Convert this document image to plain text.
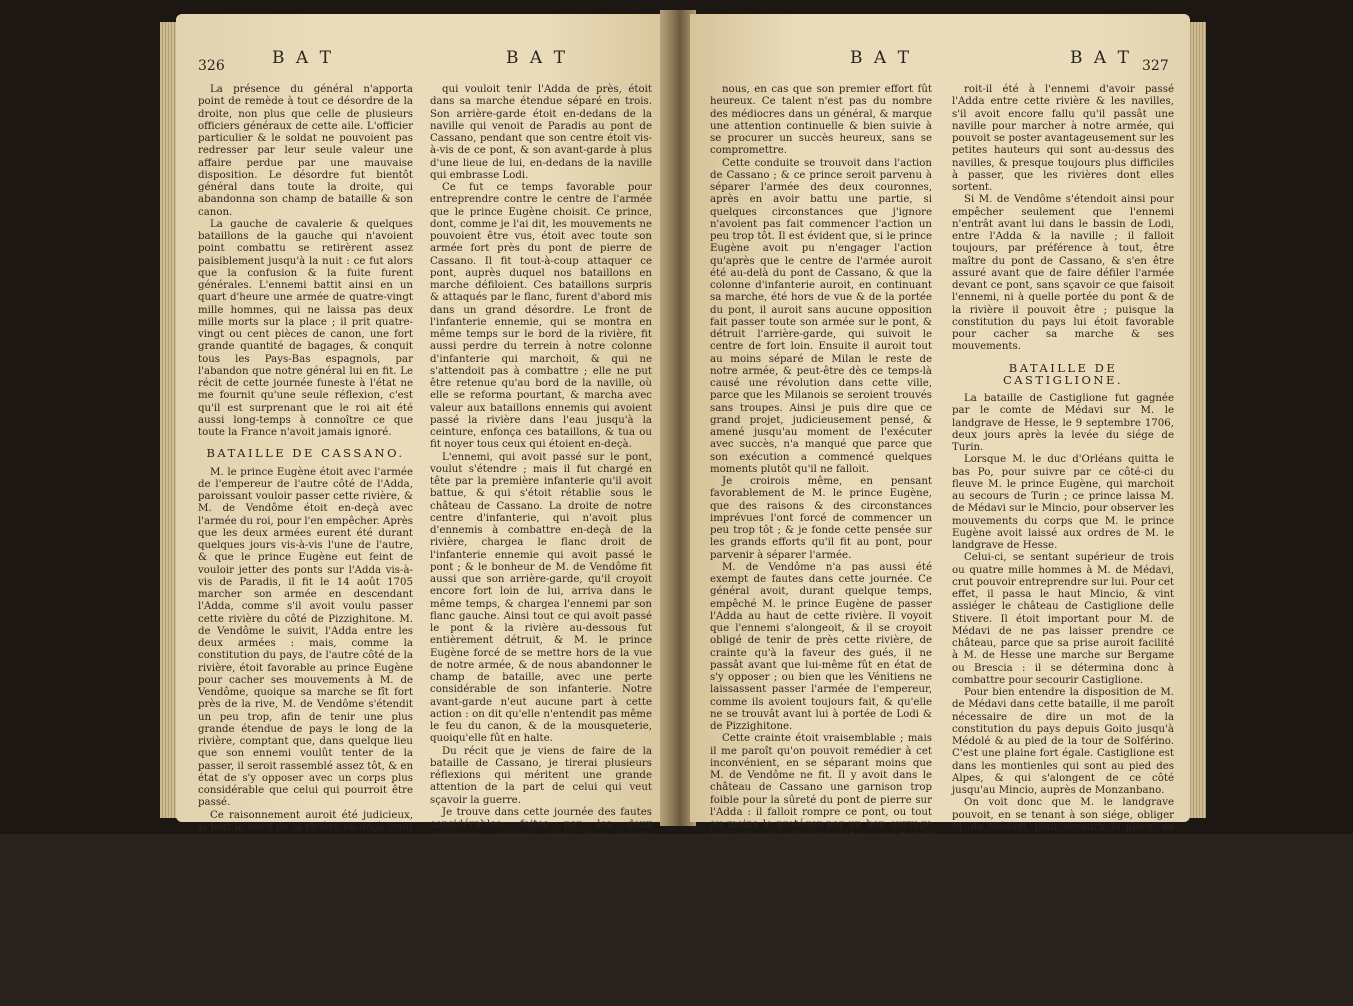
326	B A T	B A T

La présence du général n'apporta point de remède à tout ce désordre de la droite, non plus que celle de plusieurs officiers généraux de cette aile. L'officier particulier & le soldat ne pouvoient pas redresser par leur seule valeur une affaire perdue par une mauvaise disposition. Le désordre fut bientôt général dans toute la droite, qui abandonna son champ de bataille & son canon.

La gauche de cavalerie & quelques bataillons de la gauche qui n'avoient point combattu se retirèrent assez paisiblement jusqu'à la nuit : ce fut alors que la confusion & la fuite furent générales. L'ennemi battit ainsi en un quart d'heure une armée de quatre-vingt mille hommes, qui ne laissa pas deux mille morts sur la place ; il prit quatre-vingt ou cent pièces de canon, une fort grande quantité de bagages, & conquit tous les Pays-Bas espagnols, par l'abandon que notre général lui en fit. Le récit de cette journée funeste à l'état ne me fournit qu'une seule réflexion, c'est qu'il est surprenant que le roi ait été aussi long-temps à connoître ce que toute la France n'avoit jamais ignoré.

BATAILLE DE CASSANO.

M. le prince Eugène étoit avec l'armée de l'empereur de l'autre côté de l'Adda, paroissant vouloir passer cette rivière, & M. de Vendôme étoit en-deçà avec l'armée du roi, pour l'en empêcher. Après que les deux armées eurent été durant quelques jours vis-à-vis l'une de l'autre, & que le prince Eugène eut feint de vouloir jetter des ponts sur l'Adda vis-à-vis de Paradis, il fit le 14 août 1705 marcher son armée en descendant l'Adda, comme s'il avoit voulu passer cette rivière du côté de Pizzighitone. M. de Vendôme le suivit, l'Adda entre les deux armées : mais, comme la constitution du pays, de l'autre côté de la rivière, étoit favorable au prince Eugène pour cacher ses mouvements à M. de Vendôme, quoique sa marche se fît fort près de la rive, M. de Vendôme s'étendit un peu trop, afin de tenir une plus grande étendue de pays le long de la rivière, comptant que, dans quelque lieu que son ennemi voulût tenter de la passer, il seroit rassemblé assez tôt, & en état de s'y opposer avec un corps plus considérable que celui qui pourroit être passé.

Ce raisonnement auroit été judicieux, si tout le bord de la rivière en-deçà avoit été libre, pour se communiquer sans défiler sur les ponts ; mais c'est ce qui n'étoit pas. L'Adda, comme toutes les autres rivières de ce pays, fournit des eaux pour l'arrosement de la campagne. Il y a une naville qui prend auprès de Paradis, & qui entre dans l'Adda au dessus du pont de Cassano ; & un peu au-dessus de ce pont il sort de l'Adda une autre naville, qui embrasse Lodi, & rentre dans cette rivière entre Lodi & Pizzighitone.

Par ce détail exact on voit que M. de Vendôme,

qui vouloit tenir l'Adda de près, étoit dans sa marche étendue séparé en trois. Son arrière-garde étoit en-dedans de la naville qui venoit de Paradis au pont de Cassano, pendant que son centre étoit vis-à-vis de ce pont, & son avant-garde à plus d'une lieue de lui, en-dedans de la naville qui embrasse Lodi.

Ce fut ce temps favorable pour entreprendre contre le centre de l'armée que le prince Eugène choisit. Ce prince, dont, comme je l'ai dit, les mouvements ne pouvoient être vus, étoit avec toute son armée fort près du pont de pierre de Cassano. Il fit tout-à-coup attaquer ce pont, auprès duquel nos bataillons en marche défiloient. Ces bataillons surpris & attaqués par le flanc, furent d'abord mis dans un grand désordre. Le front de l'infanterie ennemie, qui se montra en même temps sur le bord de la rivière, fit aussi perdre du terrein à notre colonne d'infanterie qui marchoit, & qui ne s'attendoit pas à combattre ; elle ne put être retenue qu'au bord de la naville, où elle se reforma pourtant, & marcha avec valeur aux bataillons ennemis qui avoient passé la rivière dans l'eau jusqu'à la ceinture, enfonça ces bataillons, & tua ou fit noyer tous ceux qui étoient en-deçà.

L'ennemi, qui avoit passé sur le pont, voulut s'étendre ; mais il fut chargé en tête par la première infanterie qu'il avoit battue, & qui s'étoit rétablie sous le château de Cassano. La droite de notre centre d'infanterie, qui n'avoit plus d'ennemis à combattre en-deçà de la rivière, chargea le flanc droit de l'infanterie ennemie qui avoit passé le pont ; & le bonheur de M. de Vendôme fit aussi que son arrière-garde, qu'il croyoit encore fort loin de lui, arriva dans le même temps, & chargea l'ennemi par son flanc gauche. Ainsi tout ce qui avoit passé le pont & la rivière au-dessous fut entièrement détruit, & M. le prince Eugène forcé de se mettre hors de la vue de notre armée, & de nous abandonner le champ de bataille, avec une perte considérable de son infanterie. Notre avant-garde n'eut aucune part à cette action : on dit qu'elle n'entendit pas même le feu du canon, & de la mousqueterie, quoiqu'elle fût en halte.

Du récit que je viens de faire de la bataille de Cassano, je tirerai plusieurs réflexions qui méritent une grande attention de la part de celui qui veut sçavoir la guerre.

Je trouve dans cette journée des fautes considérables, faites par les deux généraux, quoique gens d'un mérite militaire très distingué. Le projet de M. le prince Eugène étoit fort beau. Ce prince faisoit la guerre en Italie depuis plusieurs années avec une armée fort inférieure à celle des deux couronnes, & sans autres établissements que ceux qu'il sçavoit se procurer. Il attaquoit effectivement ; mais c'étoit de manière qu'il n'étoit jamais engagé dans une action qui pût être décisive contre lui, & qui pourtant pouvoit le devenir contre

B A T	B A T 327

nous, en cas que son premier effort fût heureux. Ce talent n'est pas du nombre des médiocres dans un général, & marque une attention continuelle & bien suivie à se procurer un succès heureux, sans se compromettre.

Cette conduite se trouvoit dans l'action de Cassano ; & ce prince seroit parvenu à séparer l'armée des deux couronnes, après en avoir battu une partie, si quelques circonstances que j'ignore n'avoient pas fait commencer l'action un peu trop tôt. Il est évident que, si le prince Eugène avoit pu n'engager l'action qu'après que le centre de l'armée auroit été au-delà du pont de Cassano, & que la colonne d'infanterie auroit, en continuant sa marche, été hors de vue & de la portée du pont, il auroit sans aucune opposition fait passer toute son armée sur le pont, & détruit l'arrière-garde, qui suivoit le centre de fort loin. Ensuite il auroit tout au moins séparé de Milan le reste de notre armée, & peut-être dès ce temps-là causé une révolution dans cette ville, parce que les Milanois se seroient trouvés sans troupes. Ainsi je puis dire que ce grand projet, judicieusement pensé, & amené jusqu'au moment de l'exécuter avec succès, n'a manqué que parce que son exécution a commencé quelques moments plutôt qu'il ne falloit.

Je croirois même, en pensant favorablement de M. le prince Eugène, que des raisons & des circonstances imprévues l'ont forcé de commencer un peu trop tôt ; & je fonde cette pensée sur les grands efforts qu'il fit au pont, pour parvenir à séparer l'armée.

M. de Vendôme n'a pas aussi été exempt de fautes dans cette journée. Ce général avoit, durant quelque temps, empêché M. le prince Eugène de passer l'Adda au haut de cette rivière. Il voyoit que l'ennemi s'alongeoit, & il se croyoit obligé de tenir de près cette rivière, de crainte qu'à la faveur des gués, il ne passât avant que lui-même fût en état de s'y opposer ; ou bien que les Vénitiens ne laissassent passer l'armée de l'empereur, comme ils avoient toujours fait, & qu'elle ne se trouvât avant lui à portée de Lodi & de Pizzighitone.

Cette crainte étoit vraisemblable ; mais il me paroît qu'on pouvoit remédier à cet inconvénient, en se séparant moins que M. de Vendôme ne fit. Il y avoit dans le château de Cassano une garnison trop foible pour la sûreté du pont de pierre sur l'Adda : il falloit rompre ce pont, ou tout au moins le protéger par un bon ouvrage hors d'insulte. Ceci n'ayant pas été fait, il falloit au moins, pendant que l'armée en colonne défiloit devant le pont, y poster un corps d'infanterie ; puisque l'ennemi, qui marchoit aussi, en pouvoit être fort près sans qu'on le sçût.

Il ne falloit pas même faire marcher l'armée entre l'Adda, & les navilles, puisque par-là sa marche se trouvoit séparée. De quel profit au-

roit-il été à l'ennemi d'avoir passé l'Adda entre cette rivière & les navilles, s'il avoit encore fallu qu'il passât une naville pour marcher à notre armée, qui pouvoit se poster avantageusement sur les petites hauteurs qui sont au-dessus des navilles, & presque toujours plus difficiles à passer, que les rivières dont elles sortent.

Si M. de Vendôme s'étendoit ainsi pour empêcher seulement que l'ennemi n'entrât avant lui dans le bassin de Lodi, entre l'Adda & la naville ; il falloit toujours, par préférence à tout, être maître du pont de Cassano, & s'en être assuré avant que de faire défiler l'armée devant ce pont, sans sçavoir ce que faisoit l'ennemi, ni à quelle portée du pont & de la rivière il pouvoit être ; puisque la constitution du pays lui étoit favorable pour cacher sa marche & ses mouvements.

BATAILLE DE CASTIGLIONE.

La bataille de Castiglione fut gagnée par le comte de Médavi sur M. le landgrave de Hesse, le 9 septembre 1706, deux jours après la levée du siége de Turin.

Lorsque M. le duc d'Orléans quitta le bas Po, pour suivre par ce côté-ci du fleuve M. le prince Eugène, qui marchoit au secours de Turin ; ce prince laissa M. de Médavi sur le Mincio, pour observer les mouvements du corps que M. le prince Eugène avoit laissé aux ordres de M. le landgrave de Hesse.

Celui-ci, se sentant supérieur de trois ou quatre mille hommes à M. de Médavi, crut pouvoir entreprendre sur lui. Pour cet effet, il passa le haut Mincio, & vint assiéger le château de Castiglione delle Stivere. Il étoit important pour M. de Médavi de ne pas laisser prendre ce château, parce que sa prise auroit facilité à M. de Hesse une marche sur Bergame ou Brescia : il se détermina donc à combattre pour secourir Castiglione.

Pour bien entendre la disposition de M. de Médavi dans cette bataille, il me paroît nécessaire de dire un mot de la constitution du pays depuis Goito jusqu'à Médolé & au pied de la tour de Solférino. C'est une plaine fort égale. Castiglione est dans les montienles qui sont au pied des Alpes, & qui s'alongent de ce côté jusqu'au Mincio, auprès de Monzanbano.

On voit donc que M. le landgrave pouvoit, en se tenant à son siége, obliger M. de Médavi, pour secourir la place, de venir à lui par des têtes & comme en défilant dans ces montienles : si ce prince avoit pris ce parti, il est certain que l'affaire auroit été beaucoup plus difficile ; mais, dès qu'il sçut que M. de Médavi marchoit à lui, il n'hésita pas à descendre dans la plaine où il se mit en bataille. M. de Médavi en fit autant de son côté.

L'infanterie de la gauche de l'ennemi entra d'abord sans peine dans notre droite, où M. de
